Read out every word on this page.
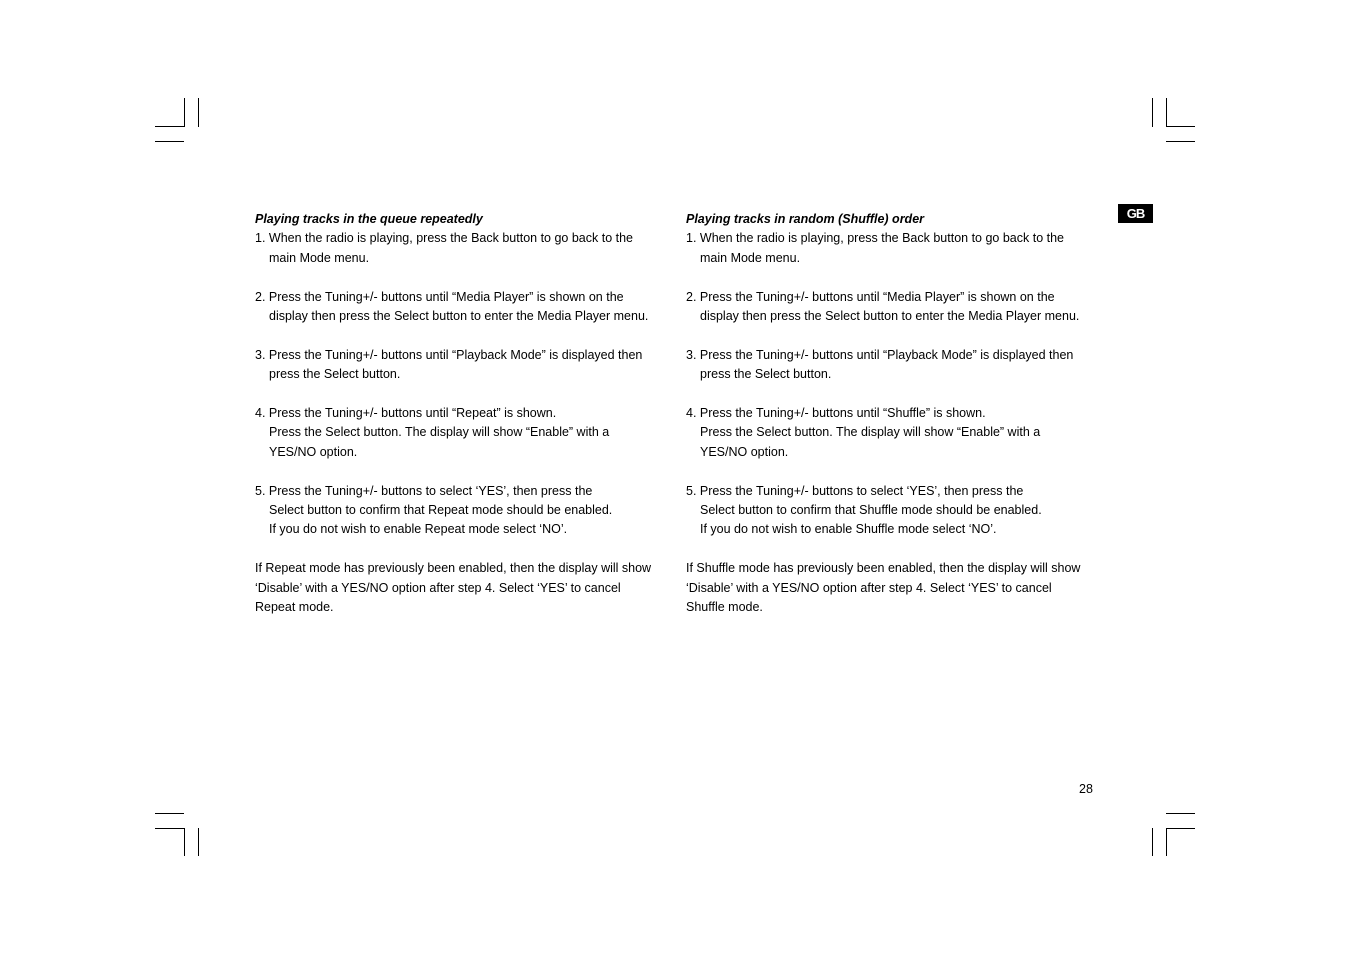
GB

Playing tracks in the queue repeatedly

1. When the radio is playing, press the Back button to go back to the
main Mode menu.
2. Press the Tuning+/- buttons until “Media Player” is shown on the
display then press the Select button to enter the Media Player menu.
3. Press the Tuning+/- buttons until “Playback Mode” is displayed then
press the Select button.
4. Press the Tuning+/- buttons until “Repeat” is shown.
Press the Select button. The display will show “Enable” with a
YES/NO option.
5. Press the Tuning+/- buttons to select ‘YES’, then press the
Select button to confirm that Repeat mode should be enabled.
If you do not wish to enable Repeat mode select ‘NO’.
If Repeat mode has previously been enabled, then the display will show
‘Disable’ with a YES/NO option after step 4. Select ‘YES’ to cancel
Repeat mode.

Playing tracks in random (Shuffle) order

1. When the radio is playing, press the Back button to go back to the
main Mode menu.
2. Press the Tuning+/- buttons until “Media Player” is shown on the
display then press the Select button to enter the Media Player menu.
3. Press the Tuning+/- buttons until “Playback Mode” is displayed then
press the Select button.
4. Press the Tuning+/- buttons until “Shuffle” is shown.
Press the Select button. The display will show “Enable” with a
YES/NO option.
5. Press the Tuning+/- buttons to select ‘YES’, then press the
Select button to confirm that Shuffle mode should be enabled.
If you do not wish to enable Shuffle mode select ‘NO’.
If Shuffle mode has previously been enabled, then the display will show
‘Disable’ with a YES/NO option after step 4. Select ‘YES’ to cancel
Shuffle mode.
28
